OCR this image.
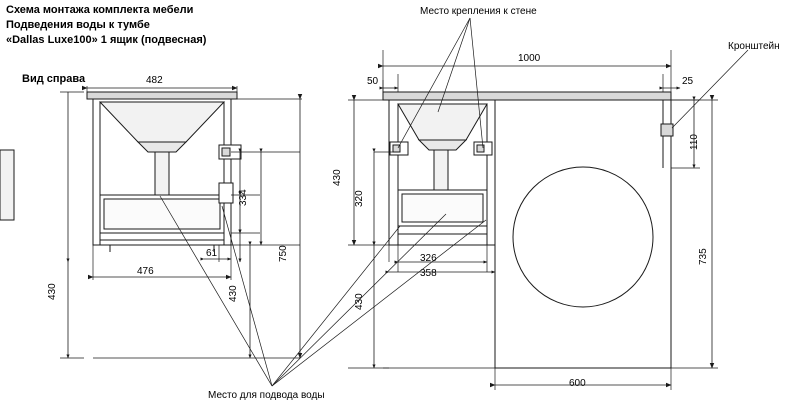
Схема монтажа комплекта мебели
Подведения воды к тумбе
«Dallas Luxe100» 1 ящик (подвесная)
Вид справа
Место крепления к стене
Кронштейн
Место для подвода воды
482
476
61
334
750
430
430
1000
50	25
326
358
600
110
430
320
430
735
